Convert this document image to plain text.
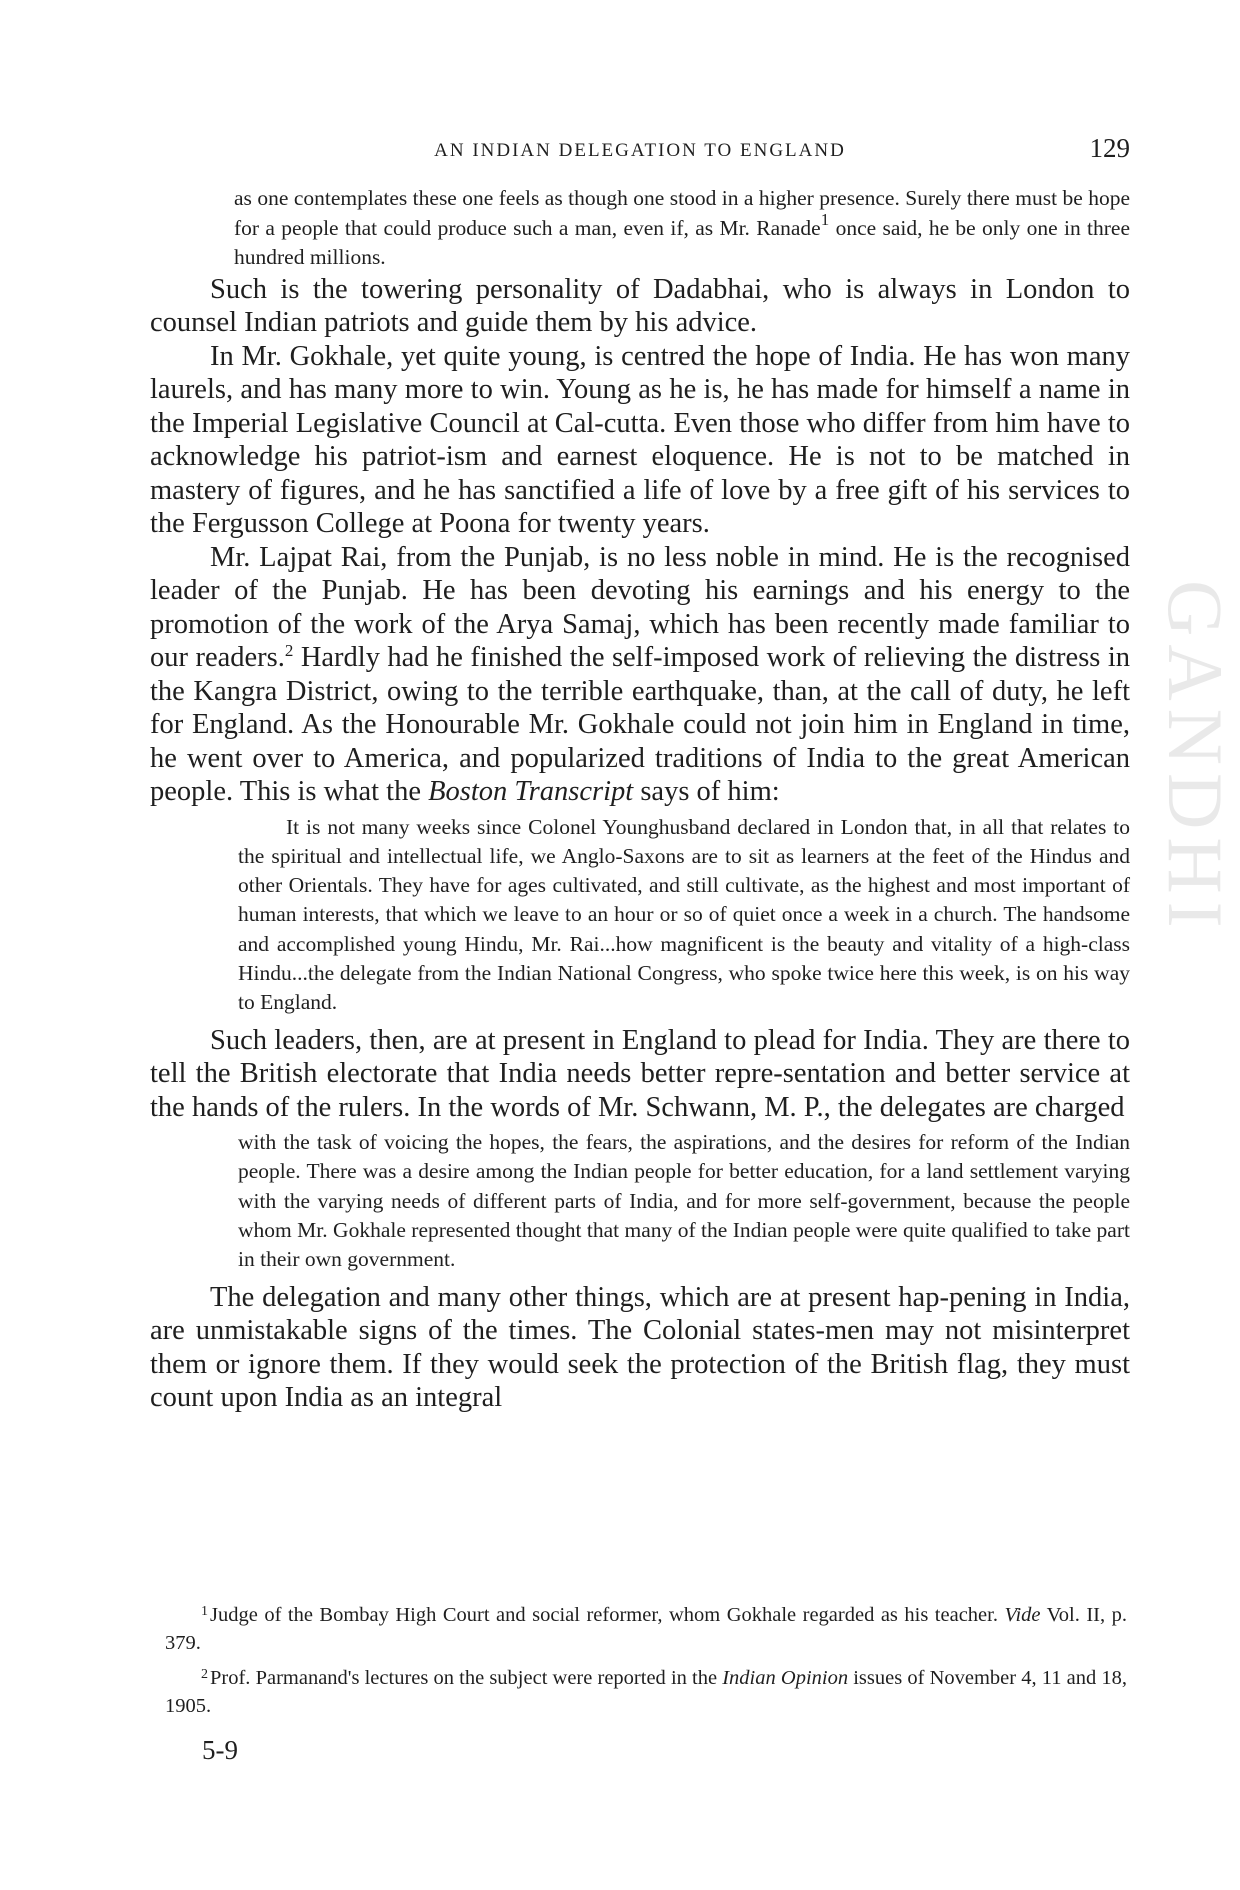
AN INDIAN DELEGATION TO ENGLAND	129

as one contemplates these one feels as though one stood in a higher presence. Surely there must be hope for a people that could produce such a man, even if, as Mr. Ranade$^1$ once said, he be only one in three hundred millions.

Such is the towering personality of Dadabhai, who is always in London to counsel Indian patriots and guide them by his advice.

In Mr. Gokhale, yet quite young, is centred the hope of India. He has won many laurels, and has many more to win. Young as he is, he has made for himself a name in the Imperial Legislative Council at Cal-cutta. Even those who differ from him have to acknowledge his patriot-ism and earnest eloquence. He is not to be matched in mastery of figures, and he has sanctified a life of love by a free gift of his services to the Fergusson College at Poona for twenty years.

Mr. Lajpat Rai, from the Punjab, is no less noble in mind. He is the recognised leader of the Punjab. He has been devoting his earnings and his energy to the promotion of the work of the Arya Samaj, which has been recently made familiar to our readers.$^2$ Hardly had he finished the self-imposed work of relieving the distress in the Kangra District, owing to the terrible earthquake, than, at the call of duty, he left for England. As the Honourable Mr. Gokhale could not join him in England in time, he went over to America, and popularized traditions of India to the great American people. This is what the Boston Transcript says of him:

It is not many weeks since Colonel Younghusband declared in London that, in all that relates to the spiritual and intellectual life, we Anglo-Saxons are to sit as learners at the feet of the Hindus and other Orientals. They have for ages cultivated, and still cultivate, as the highest and most important of human interests, that which we leave to an hour or so of quiet once a week in a church. The handsome and accomplished young Hindu, Mr. Rai...how magnificent is the beauty and vitality of a high-class Hindu...the delegate from the Indian National Congress, who spoke twice here this week, is on his way to England.

Such leaders, then, are at present in England to plead for India. They are there to tell the British electorate that India needs better repre-sentation and better service at the hands of the rulers. In the words of Mr. Schwann, M. P., the delegates are charged

with the task of voicing the hopes, the fears, the aspirations, and the desires for reform of the Indian people. There was a desire among the Indian people for better education, for a land settlement varying with the varying needs of different parts of India, and for more self-government, because the people whom Mr. Gokhale represented thought that many of the Indian people were quite qualified to take part in their own government.

The delegation and many other things, which are at present hap-pening in India, are unmistakable signs of the times. The Colonial states-men may not misinterpret them or ignore them. If they would seek the protection of the British flag, they must count upon India as an integral

$^1$Judge of the Bombay High Court and social reformer, whom Gokhale regarded as his teacher. Vide Vol. II, p. 379.

$^2$Prof. Parmanand's lectures on the subject were reported in the Indian Opinion issues of November 4, 11 and 18, 1905.

5-9
GANDHI
